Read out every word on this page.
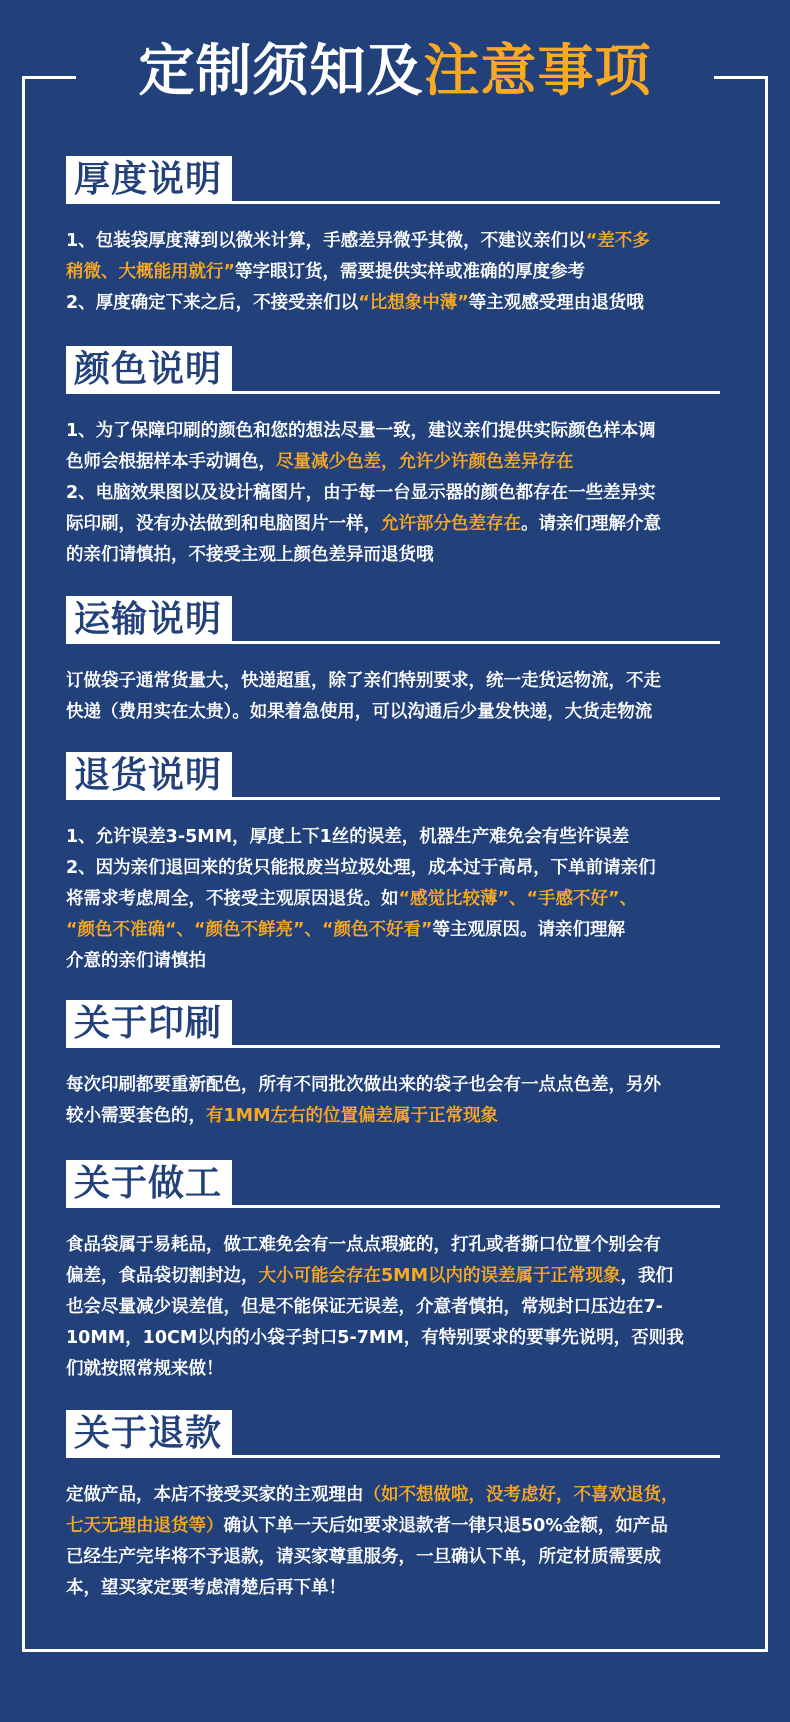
定制须知及注意事项
厚度说明
1、包装袋厚度薄到以微米计算，手感差异微乎其微，不建议亲们以“差不多
稍微、大概能用就行”等字眼订货，需要提供实样或准确的厚度参考
2、厚度确定下来之后，不接受亲们以“比想象中薄”等主观感受理由退货哦
颜色说明
1、为了保障印刷的颜色和您的想法尽量一致，建议亲们提供实际颜色样本调
色师会根据样本手动调色，尽量减少色差，允许少许颜色差异存在
2、电脑效果图以及设计稿图片，由于每一台显示器的颜色都存在一些差异实
际印刷，没有办法做到和电脑图片一样，允许部分色差存在。请亲们理解介意
的亲们请慎拍，不接受主观上颜色差异而退货哦
运输说明
订做袋子通常货量大，快递超重，除了亲们特别要求，统一走货运物流，不走
快递（费用实在太贵）。如果着急使用，可以沟通后少量发快递，大货走物流
退货说明
1、允许误差3-5MM，厚度上下1丝的误差，机器生产难免会有些许误差
2、因为亲们退回来的货只能报废当垃圾处理，成本过于高昂，下单前请亲们
将需求考虑周全，不接受主观原因退货。如“感觉比较薄”、“手感不好”、
“颜色不准确“、“颜色不鲜亮”、“颜色不好看”等主观原因。请亲们理解
介意的亲们请慎拍
关于印刷
每次印刷都要重新配色，所有不同批次做出来的袋子也会有一点点色差，另外
较小需要套色的，有1MM左右的位置偏差属于正常现象
关于做工
食品袋属于易耗品，做工难免会有一点点瑕疵的，打孔或者撕口位置个别会有
偏差，食品袋切割封边，大小可能会存在5MM以内的误差属于正常现象，我们
也会尽量减少误差值，但是不能保证无误差，介意者慎拍，常规封口压边在7-
10MM，10CM以内的小袋子封口5-7MM，有特别要求的要事先说明，否则我
们就按照常规来做！
关于退款
定做产品，本店不接受买家的主观理由（如不想做啦，没考虑好，不喜欢退货，
七天无理由退货等）确认下单一天后如要求退款者一律只退50%金额，如产品
已经生产完毕将不予退款，请买家尊重服务，一旦确认下单，所定材质需要成
本，望买家定要考虑清楚后再下单！
